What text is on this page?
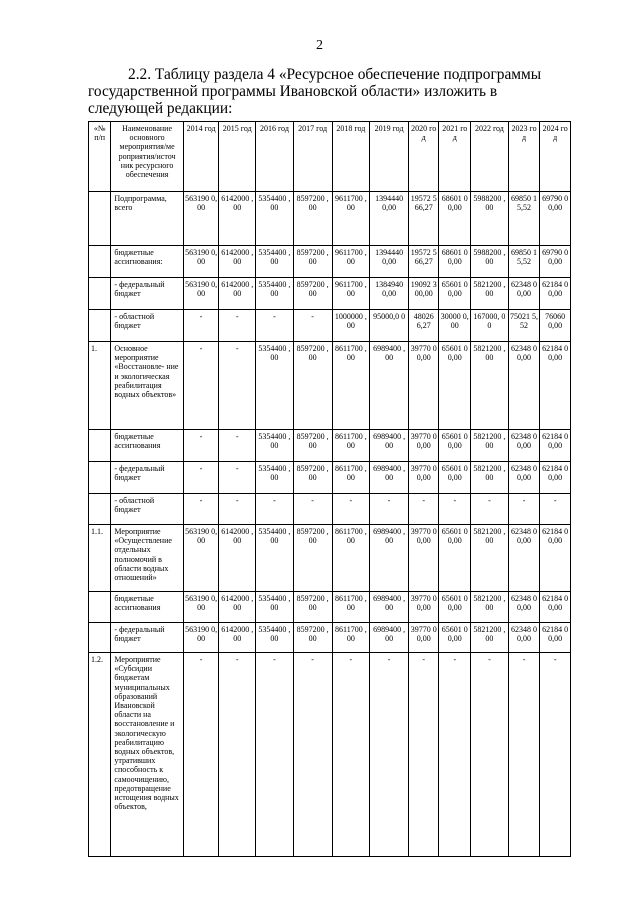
2

2.2. Таблицу раздела 4 «Ресурсное обеспечение подпрограммы
государственной программы Ивановской области» изложить в
следующей редакции:

«№ п/п	Наименование основного мероприятия/ме роприятия/источ ник ресурсного обеспечения	2014 год	2015 год	2016 год	2017 год	2018 год	2019 год	2020 год	2021 год	2022 год	2023 год	2024 год
	Подпрограмма, всего	563190 0,00	6142000 ,00	5354400 ,00	8597200 ,00	9611700 ,00	1394440 0,00	19572 566,27	68601 00,00	5988200 ,00	69850 15,52	69790 00,00
	бюджетные ассигнования:	563190 0,00	6142000 ,00	5354400 ,00	8597200 ,00	9611700 ,00	1394440 0,00	19572 566,27	68601 00,00	5988200 ,00	69850 15,52	69790 00,00
	- федеральный бюджет	563190 0,00	6142000 ,00	5354400 ,00	8597200 ,00	9611700 ,00	1384940 0,00	19092 300,00	65601 00,00	5821200 ,00	62348 00,00	62184 00,00
	- областной бюджет	-	-	-	-	1000000 ,00	95000,0 0	48026 6,27	30000 0,00	167000, 00	75021 5,52	76060 0,00
1.	Основное мероприятие «Восстановле- ние и экологическая реабилитация водных объектов»	-	-	5354400 ,00	8597200 ,00	8611700 ,00	6989400 ,00	39770 00,00	65601 00,00	5821200 ,00	62348 00,00	62184 00,00
	бюджетные ассигнования	-	-	5354400 ,00	8597200 ,00	8611700 ,00	6989400 ,00	39770 00,00	65601 00,00	5821200 ,00	62348 00,00	62184 00,00
	- федеральный бюджет	-	-	5354400 ,00	8597200 ,00	8611700 ,00	6989400 ,00	39770 00,00	65601 00,00	5821200 ,00	62348 00,00	62184 00,00
	- областной бюджет	-	-	-	-	-	-	-	-	-	-	-
1.1.	Мероприятие «Осуществление отдельных полномочий в области водных отношений»	563190 0,00	6142000 ,00	5354400 ,00	8597200 ,00	8611700 ,00	6989400 ,00	39770 00,00	65601 00,00	5821200 ,00	62348 00,00	62184 00,00
	бюджетные ассигнования	563190 0,00	6142000 ,00	5354400 ,00	8597200 ,00	8611700 ,00	6989400 ,00	39770 00,00	65601 00,00	5821200 ,00	62348 00,00	62184 00,00
	- федеральный бюджет	563190 0,00	6142000 ,00	5354400 ,00	8597200 ,00	8611700 ,00	6989400 ,00	39770 00,00	65601 00,00	5821200 ,00	62348 00,00	62184 00,00
1.2.	Мероприятие «Субсидии бюджетам муниципальных образований Ивановской области на восстановление и экологическую реабилитацию водных объектов, утративших способность к самоочищению, предотвращение истощения водных объектов,	-	-	-	-	-	-	-	-	-	-	-
